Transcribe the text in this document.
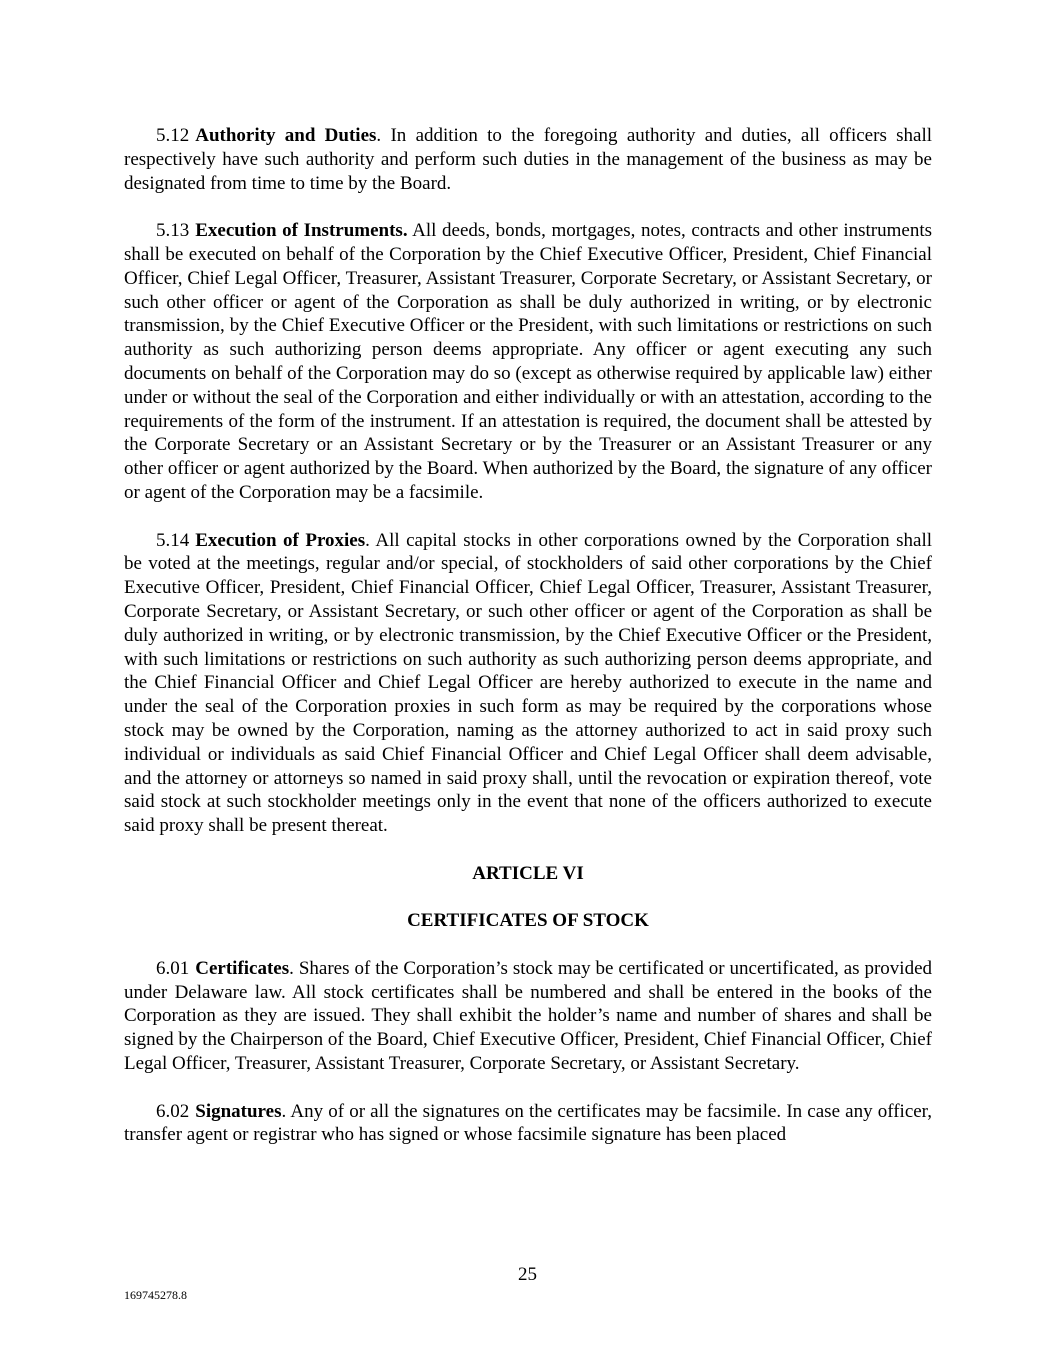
5.12 Authority and Duties. In addition to the foregoing authority and duties, all officers shall respectively have such authority and perform such duties in the management of the business as may be designated from time to time by the Board.

5.13 Execution of Instruments. All deeds, bonds, mortgages, notes, contracts and other instruments shall be executed on behalf of the Corporation by the Chief Executive Officer, President, Chief Financial Officer, Chief Legal Officer, Treasurer, Assistant Treasurer, Corporate Secretary, or Assistant Secretary, or such other officer or agent of the Corporation as shall be duly authorized in writing, or by electronic transmission, by the Chief Executive Officer or the President, with such limitations or restrictions on such authority as such authorizing person deems appropriate. Any officer or agent executing any such documents on behalf of the Corporation may do so (except as otherwise required by applicable law) either under or without the seal of the Corporation and either individually or with an attestation, according to the requirements of the form of the instrument. If an attestation is required, the document shall be attested by the Corporate Secretary or an Assistant Secretary or by the Treasurer or an Assistant Treasurer or any other officer or agent authorized by the Board. When authorized by the Board, the signature of any officer or agent of the Corporation may be a facsimile.

5.14 Execution of Proxies. All capital stocks in other corporations owned by the Corporation shall be voted at the meetings, regular and/or special, of stockholders of said other corporations by the Chief Executive Officer, President, Chief Financial Officer, Chief Legal Officer, Treasurer, Assistant Treasurer, Corporate Secretary, or Assistant Secretary, or such other officer or agent of the Corporation as shall be duly authorized in writing, or by electronic transmission, by the Chief Executive Officer or the President, with such limitations or restrictions on such authority as such authorizing person deems appropriate, and the Chief Financial Officer and Chief Legal Officer are hereby authorized to execute in the name and under the seal of the Corporation proxies in such form as may be required by the corporations whose stock may be owned by the Corporation, naming as the attorney authorized to act in said proxy such individual or individuals as said Chief Financial Officer and Chief Legal Officer shall deem advisable, and the attorney or attorneys so named in said proxy shall, until the revocation or expiration thereof, vote said stock at such stockholder meetings only in the event that none of the officers authorized to execute said proxy shall be present thereat.

ARTICLE VI

CERTIFICATES OF STOCK

6.01 Certificates. Shares of the Corporation’s stock may be certificated or uncertificated, as provided under Delaware law. All stock certificates shall be numbered and shall be entered in the books of the Corporation as they are issued. They shall exhibit the holder’s name and number of shares and shall be signed by the Chairperson of the Board, Chief Executive Officer, President, Chief Financial Officer, Chief Legal Officer, Treasurer, Assistant Treasurer, Corporate Secretary, or Assistant Secretary.

6.02 Signatures. Any of or all the signatures on the certificates may be facsimile. In case any officer, transfer agent or registrar who has signed or whose facsimile signature has been placed

25
169745278.8
